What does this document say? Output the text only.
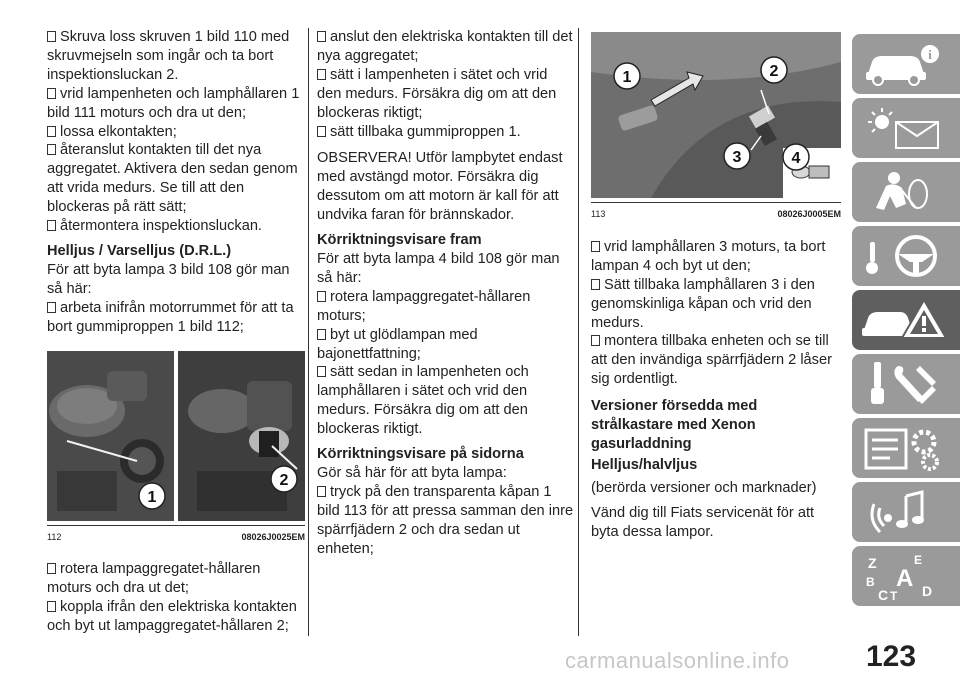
Skruva loss skruven 1 bild 110 med skruvmejseln som ingår och ta bort inspektionsluckan 2.

vrid lampenheten och lamphållaren 1 bild 111 moturs och dra ut den;

lossa elkontakten;

återanslut kontakten till det nya aggregatet. Aktivera den sedan genom att vrida medurs. Se till att den blockeras på rätt sätt;

återmontera inspektionsluckan.

Helljus / Varselljus (D.R.L.)

För att byta lampa 3 bild 108 gör man så här:

arbeta inifrån motorrummet för att ta bort gummiproppen 1 bild 112;

1
2
112	08026J0025EM

rotera lampaggregatet-hållaren moturs och dra ut det;

koppla ifrån den elektriska kontakten och byt ut lampaggregatet-hållaren 2;

anslut den elektriska kontakten till det nya aggregatet;

sätt i lampenheten i sätet och vrid den medurs. Försäkra dig om att den blockeras riktigt;

sätt tillbaka gummiproppen 1.

OBSERVERA! Utför lampbytet endast med avstängd motor. Försäkra dig dessutom om att motorn är kall för att undvika faran för brännskador.

Körriktningsvisare fram

För att byta lampa 4 bild 108 gör man så här:

rotera lampaggregatet-hållaren moturs;

byt ut glödlampan med bajonettfattning;

sätt sedan in lampenheten och lamphållaren i sätet och vrid den medurs. Försäkra dig om att den blockeras riktigt.

Körriktningsvisare på sidorna

Gör så här för att byta lampa:

tryck på den transparenta kåpan 1 bild 113 för att pressa samman den inre spärrfjädern 2 och dra sedan ut enheten;

1	2
3	4
113	08026J0005EM

vrid lamphållaren 3 moturs, ta bort lampan 4 och byt ut den;

Sätt tillbaka lamphållaren 3 i den genomskinliga kåpan och vrid den medurs.

montera tillbaka enheten och se till att den invändiga spärrfjädern 2 låser sig ordentligt.

Versioner försedda med strålkastare med Xenon gasurladdning

Helljus/halvljus

(berörda versioner och marknader)

Vänd dig till Fiats servicenät för att byta dessa lampor.

i
Z	E
B A
C T D
carmanualsonline.info	123
